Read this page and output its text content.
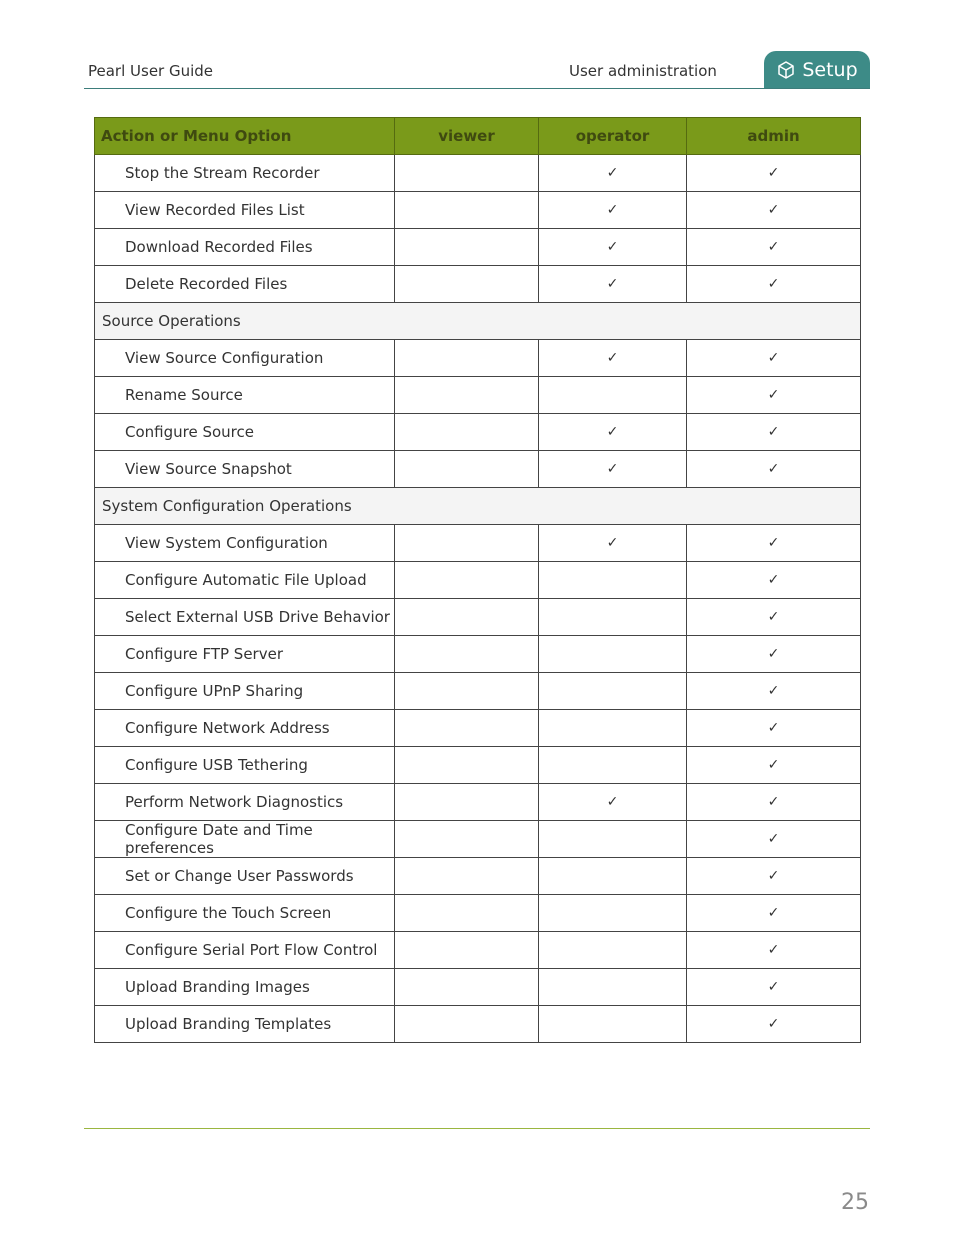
Pearl User Guide	User administration	Setup
Action or Menu Option	viewer	operator	admin
Stop the Stream Recorder		✓	✓
View Recorded Files List		✓	✓
Download Recorded Files		✓	✓
Delete Recorded Files		✓	✓
Source Operations			
View Source Configuration		✓	✓
Rename Source			✓
Configure Source		✓	✓
View Source Snapshot		✓	✓
System Configuration Operations			
View System Configuration		✓	✓
Configure Automatic File Upload			✓
Select External USB Drive Behavior			✓
Configure FTP Server			✓
Configure UPnP Sharing			✓
Configure Network Address			✓
Configure USB Tethering			✓
Perform Network Diagnostics		✓	✓
Configure Date and Time preferences			✓
Set or Change User Passwords			✓
Configure the Touch Screen			✓
Configure Serial Port Flow Control			✓
Upload Branding Images			✓
Upload Branding Templates			✓
25
